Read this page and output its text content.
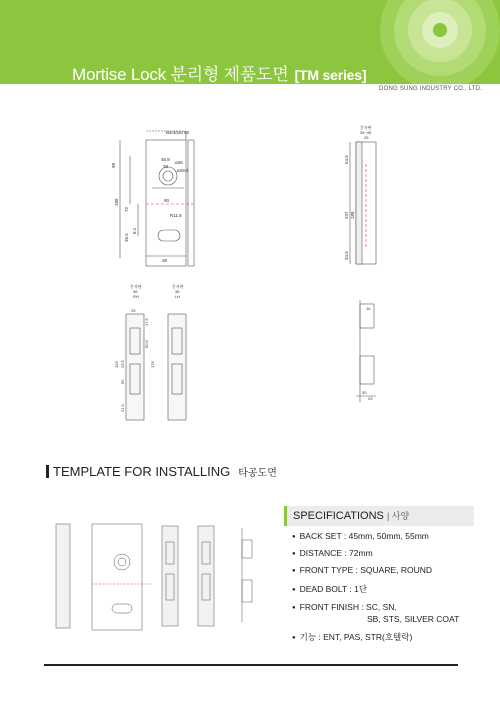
Mortise Lock 분리형 제품도면 [TM series]
DONG SUNG INDUSTRY CO., LTD.
BackSet 60
98
188
72
36.5
8.1
46.8
38
R11.5
90
38
ø26
ø29.5
문자판
35~45
25
54.5
237 188
34.5
문자판
36
RH
문자판
36
LH
25
17.5
60.5
126 23.5
55
176
21.5
16
30
23
TEMPLATE FOR INSTALLING 타공도면
SPECIFICATIONS | 사양
● BACK SET : 45mm, 50mm, 55mm
● DISTANCE : 72mm
● FRONT TYPE : SQUARE, ROUND
● DEAD BOLT : 1단
● FRONT FINISH : SC, SN,
SB, STS, SILVER COAT
● 기능 : ENT, PAS, STR(호텔락)
